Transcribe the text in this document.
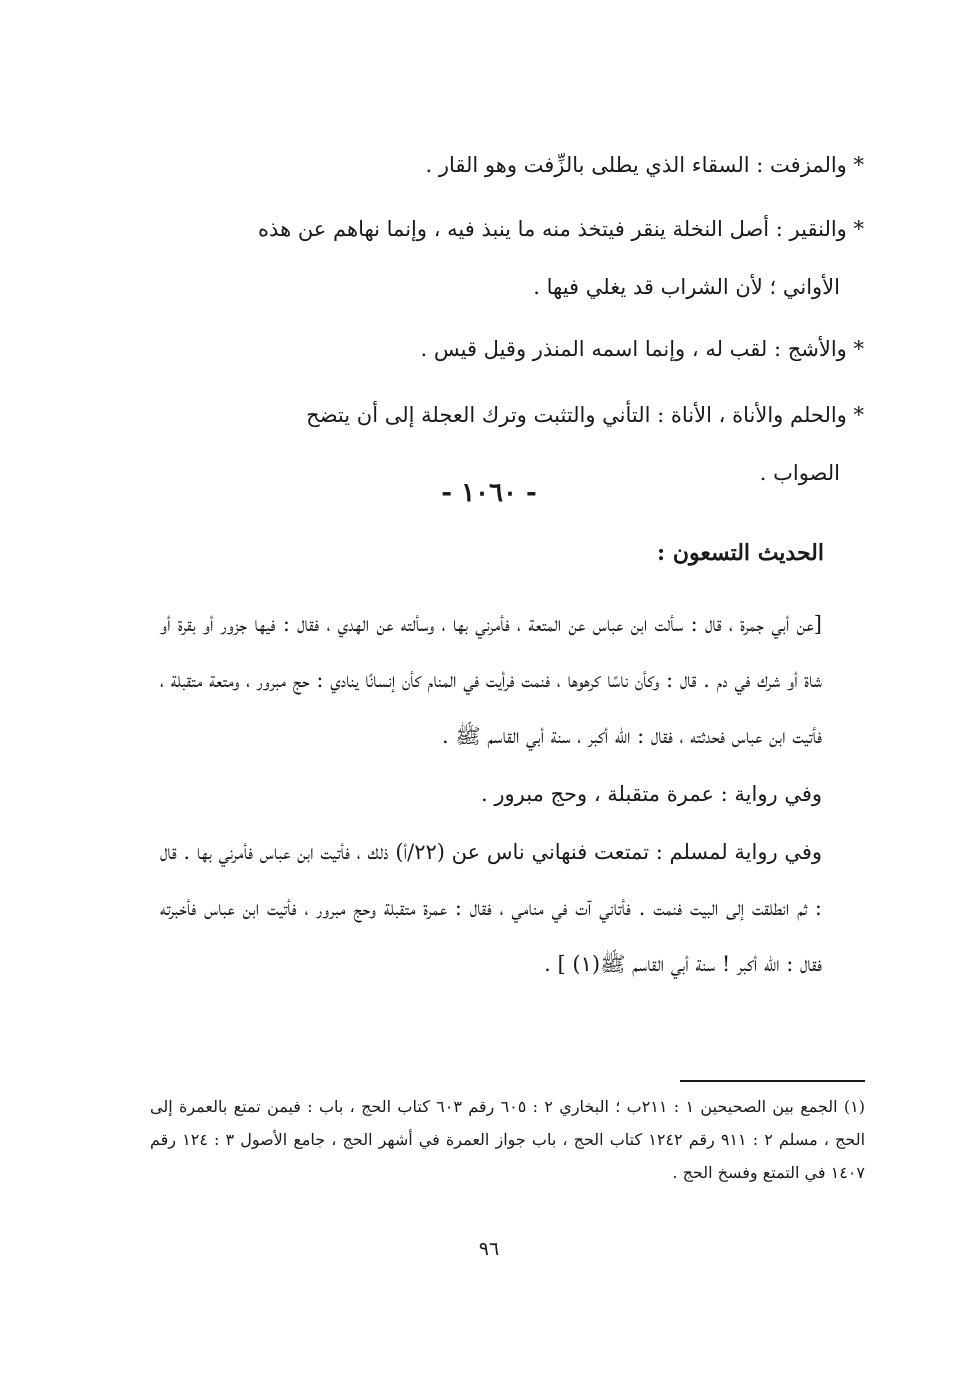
* والمزفت : السقاء الذي يطلى بالزِّفت وهو القار .
* والنقير : أصل النخلة ينقر فيتخذ منه ما ينبذ فيه ، وإنما نهاهم عن هذه
الأواني ؛ لأن الشراب قد يغلي فيها .
* والأشج : لقب له ، وإنما اسمه المنذر وقيل قيس .
* والحلم والأناة ، الأناة : التأني والتثبت وترك العجلة إلى أن يتضح
الصواب .
- ١٠٦٠ -
الحديث التسعون :
[عن أبي جمرة ، قال : سألت ابن عباس عن المتعة ، فأمرني بها ، وسألته عن الهدي ، فقال : فيها جزور أو بقرة أو شاة أو شرك في دم . قال : وكأن ناسًا كرهوها ، فنمت فرأيت في المنام كأن إنسانًا ينادي : حج مبرور ، ومتعة متقبلة ، فأتيت ابن عباس فحدثته ، فقال : الله أكبر ، سنة أبي القاسم ﷺ .
وفي رواية : عمرة متقبلة ، وحج مبرور .
وفي رواية لمسلم : تمتعت فنهاني ناس عن (٢٢/أ) ذلك ، فأتيت ابن عباس فأمرني بها . قال : ثم انطلقت إلى البيت فنمت . فأتاني آت في منامي ، فقال : عمرة متقبلة وحج مبرور ، فأتيت ابن عباس فأخبرته فقال : الله أكبر ! سنة أبي القاسم ﷺ(١) ] .
(١) الجمع بين الصحيحين ١ : ٢١١ب ؛ البخاري ٢ : ٦٠٥ رقم ٦٠٣ كتاب الحج ، باب : فيمن تمتع بالعمرة إلى الحج ، مسلم ٢ : ٩١١ رقم ١٢٤٢ كتاب الحج ، باب جواز العمرة في أشهر الحج ، جامع الأصول ٣ : ١٢٤ رقم ١٤٠٧ في التمتع وفسخ الحج .
٩٦
